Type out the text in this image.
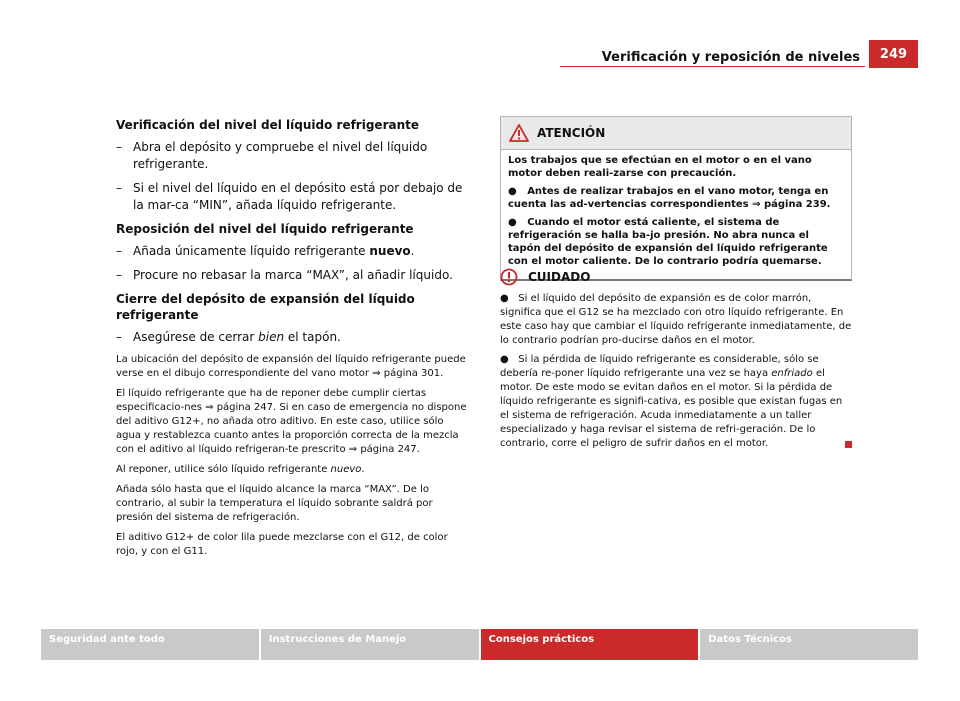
249
Verificación y reposición de niveles
Verificación del nivel del líquido refrigerante
– Abra el depósito y compruebe el nivel del líquido refrigerante.
– Si el nivel del líquido en el depósito está por debajo de la mar-ca “MIN”, añada líquido refrigerante.
Reposición del nivel del líquido refrigerante
– Añada únicamente líquido refrigerante nuevo.
– Procure no rebasar la marca “MAX”, al añadir líquido.
Cierre del depósito de expansión del líquido refrigerante
– Asegúrese de cerrar bien el tapón.

La ubicación del depósito de expansión del líquido refrigerante puede verse en el dibujo correspondiente del vano motor ⇒ página 301.

El líquido refrigerante que ha de reponer debe cumplir ciertas especificacio-nes ⇒ página 247. Si en caso de emergencia no dispone del aditivo G12+, no añada otro aditivo. En este caso, utilice sólo agua y restablezca cuanto antes la proporción correcta de la mezcla con el aditivo al líquido refrigeran-te prescrito ⇒ página 247.

Al reponer, utilice sólo líquido refrigerante nuevo.

Añada sólo hasta que el líquido alcance la marca “MAX”. De lo contrario, al subir la temperatura el líquido sobrante saldrá por presión del sistema de refrigeración.

El aditivo G12+ de color lila puede mezclarse con el G12, de color rojo, y con el G11.

ATENCIÓN

Los trabajos que se efectúan en el motor o en el vano motor deben reali-zarse con precaución.

● Antes de realizar trabajos en el vano motor, tenga en cuenta las ad-vertencias correspondientes ⇒ página 239.

● Cuando el motor está caliente, el sistema de refrigeración se halla ba-jo presión. No abra nunca el tapón del depósito de expansión del líquido refrigerante con el motor caliente. De lo contrario podría quemarse.

CUIDADO

● Si el líquido del depósito de expansión es de color marrón, significa que el G12 se ha mezclado con otro líquido refrigerante. En este caso hay que cambiar el líquido refrigerante inmediatamente, de lo contrario podrían pro-ducirse daños en el motor.

● Si la pérdida de líquido refrigerante es considerable, sólo se debería re-poner líquido refrigerante una vez se haya enfriado el motor. De este modo se evitan daños en el motor. Si la pérdida de líquido refrigerante es signifi-cativa, es posible que existan fugas en el sistema de refrigeración. Acuda inmediatamente a un taller especializado y haga revisar el sistema de refri-geración. De lo contrario, corre el peligro de sufrir daños en el motor.

Seguridad ante todo	Instrucciones de Manejo	Consejos prácticos	Datos Técnicos
